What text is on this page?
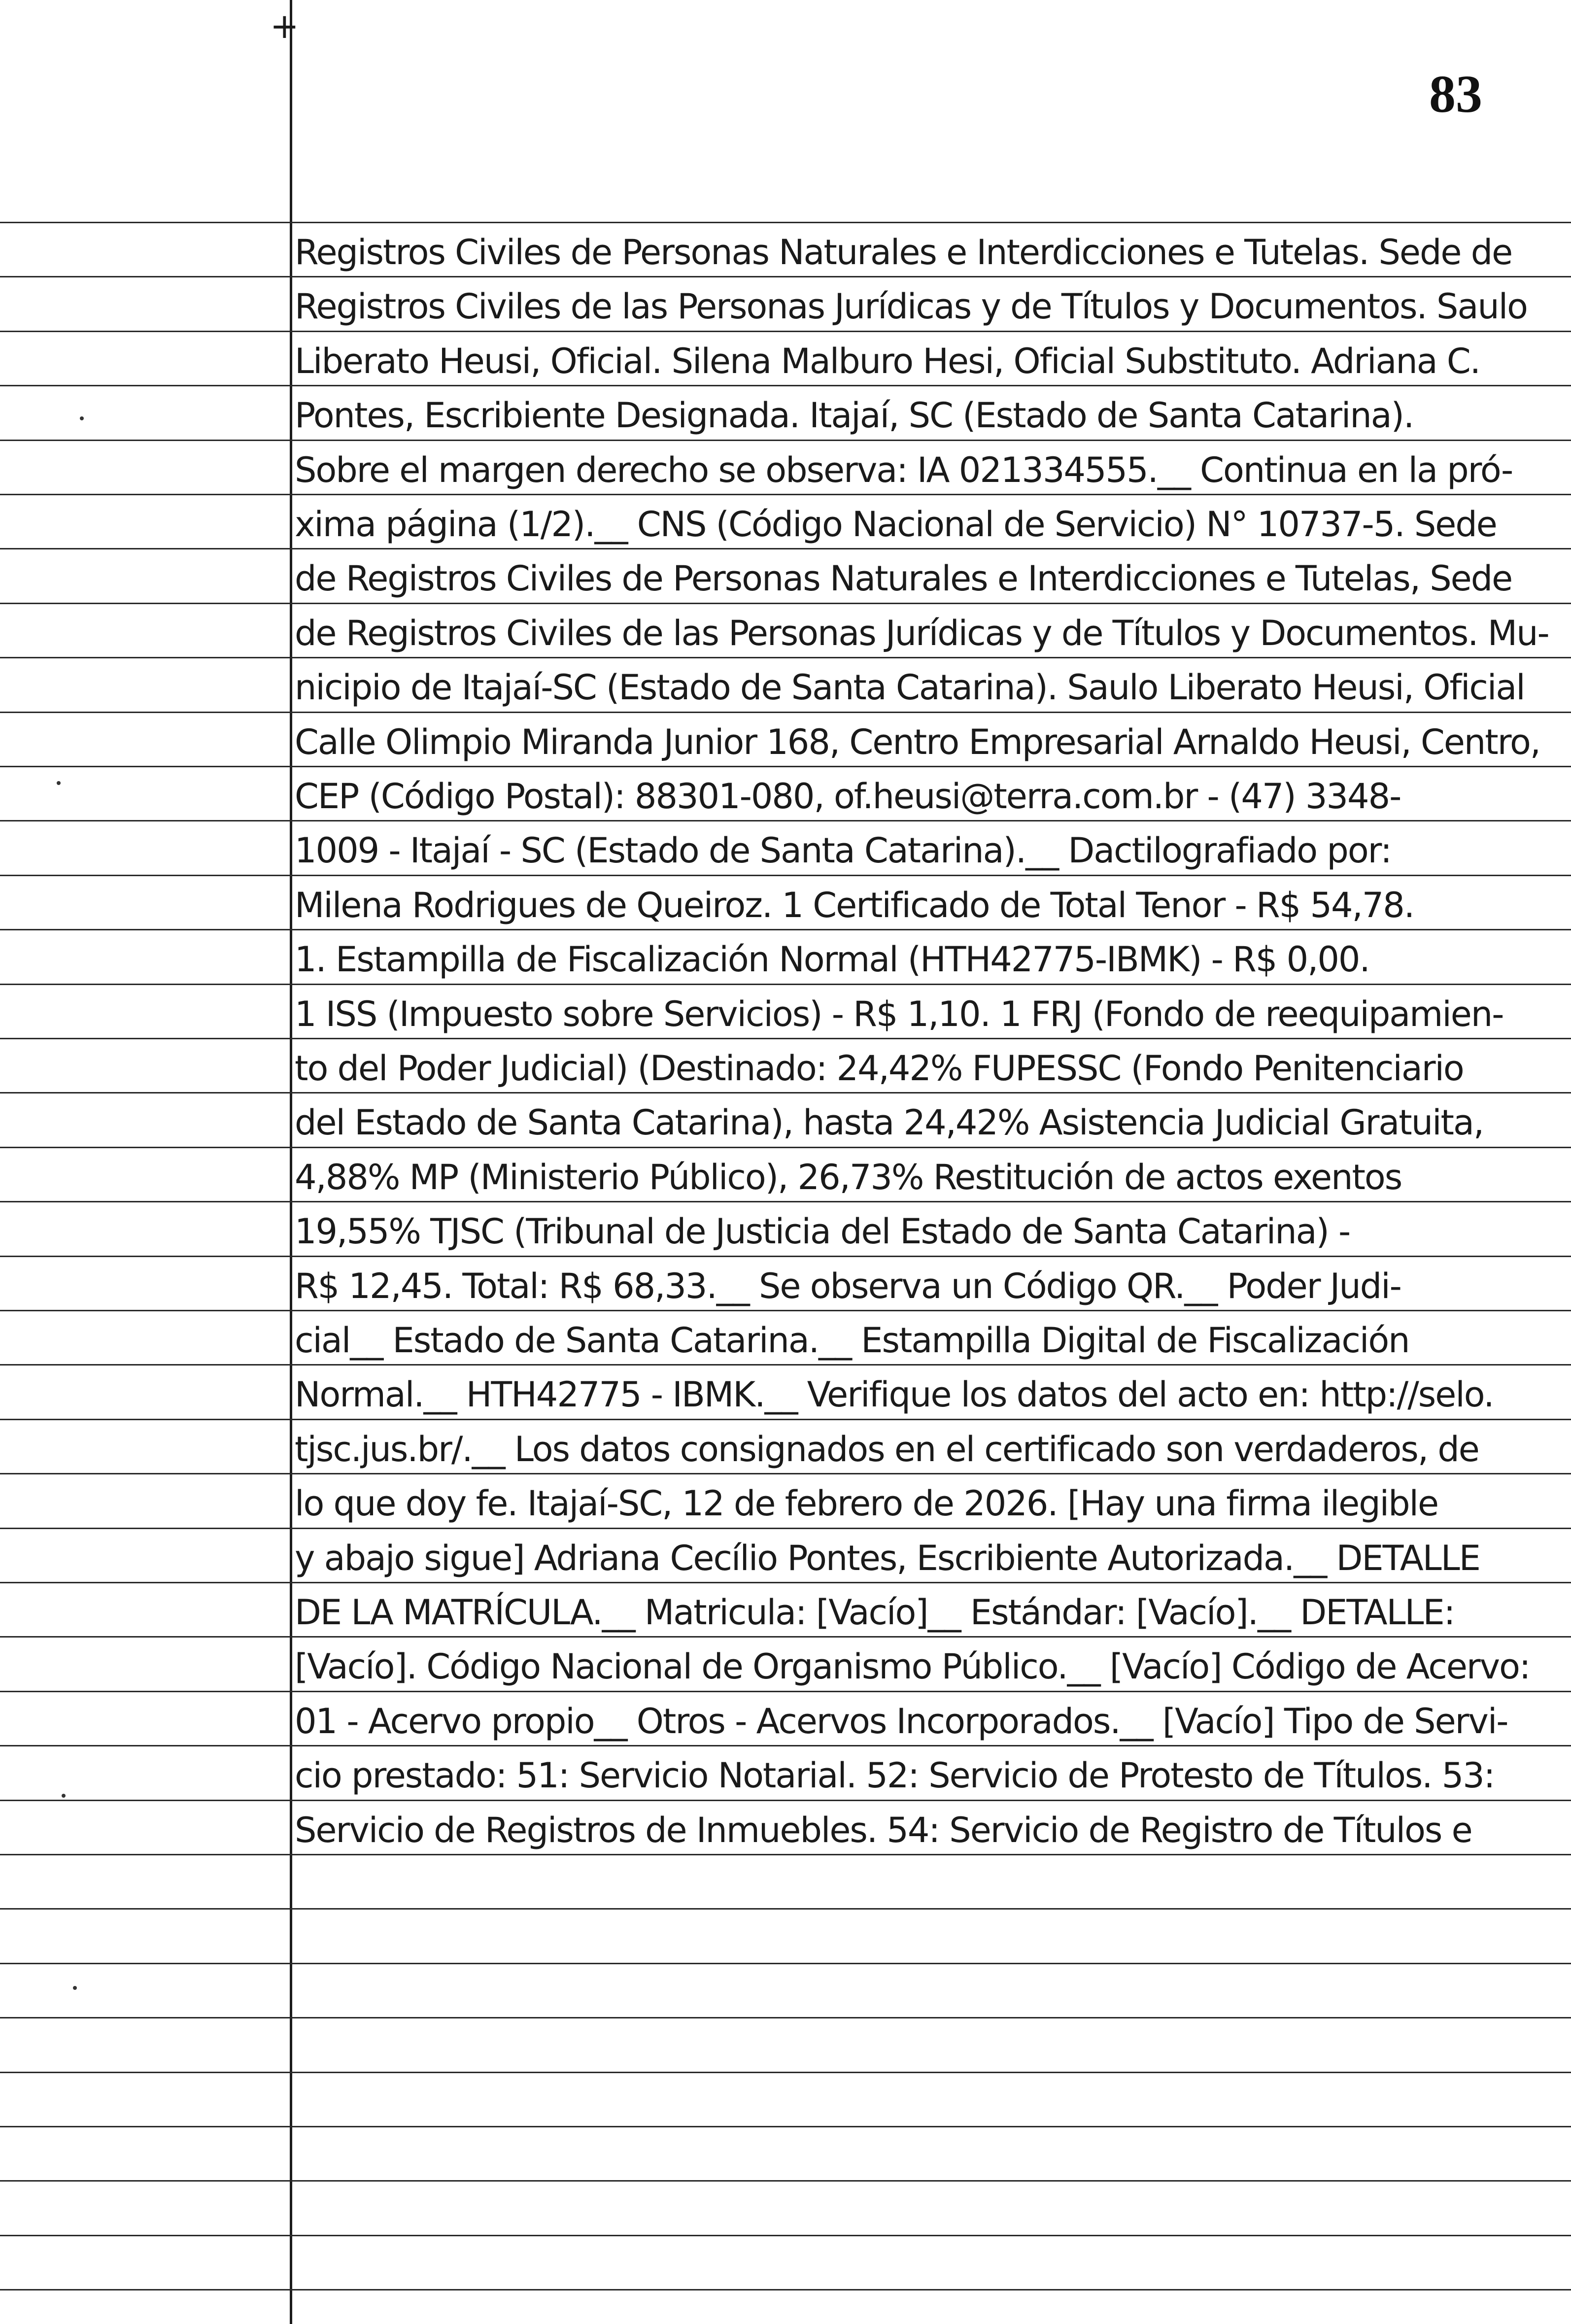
+
83
Registros Civiles de Personas Naturales e Interdicciones e Tutelas. Sede de
Registros Civiles de las Personas Jurídicas y de Títulos y Documentos. Saulo
Liberato Heusi, Oficial. Silena Malburo Hesi, Oficial Substituto. Adriana C.
Pontes, Escribiente Designada. Itajaí, SC (Estado de Santa Catarina).
Sobre el margen derecho se observa: IA 021334555.__ Continua en la pró-
xima página (1/2).__ CNS (Código Nacional de Servicio) N° 10737-5. Sede
de Registros Civiles de Personas Naturales e Interdicciones e Tutelas, Sede
de Registros Civiles de las Personas Jurídicas y de Títulos y Documentos. Mu-
nicipio de Itajaí-SC (Estado de Santa Catarina). Saulo Liberato Heusi, Oficial
Calle Olimpio Miranda Junior 168, Centro Empresarial Arnaldo Heusi, Centro,
CEP (Código Postal): 88301-080, of.heusi@terra.com.br - (47) 3348-
1009 - Itajaí - SC (Estado de Santa Catarina).__ Dactilografiado por:
Milena Rodrigues de Queiroz. 1 Certificado de Total Tenor - R$ 54,78.
1. Estampilla de Fiscalización Normal (HTH42775-IBMK) - R$ 0,00.
1 ISS (Impuesto sobre Servicios) - R$ 1,10. 1 FRJ (Fondo de reequipamien-
to del Poder Judicial) (Destinado: 24,42% FUPESSC (Fondo Penitenciario
del Estado de Santa Catarina), hasta 24,42% Asistencia Judicial Gratuita,
4,88% MP (Ministerio Público), 26,73% Restitución de actos exentos
19,55% TJSC (Tribunal de Justicia del Estado de Santa Catarina) -
R$ 12,45. Total: R$ 68,33.__ Se observa un Código QR.__ Poder Judi-
cial__ Estado de Santa Catarina.__ Estampilla Digital de Fiscalización
Normal.__ HTH42775 - IBMK.__ Verifique los datos del acto en: http://selo.
tjsc.jus.br/.__ Los datos consignados en el certificado son verdaderos, de
lo que doy fe. Itajaí-SC, 12 de febrero de 2026. [Hay una firma ilegible
y abajo sigue] Adriana Cecílio Pontes, Escribiente Autorizada.__ DETALLE
DE LA MATRÍCULA.__ Matricula: [Vacío]__ Estándar: [Vacío].__ DETALLE:
[Vacío]. Código Nacional de Organismo Público.__ [Vacío] Código de Acervo:
01 - Acervo propio__ Otros - Acervos Incorporados.__ [Vacío] Tipo de Servi-
cio prestado: 51: Servicio Notarial. 52: Servicio de Protesto de Títulos. 53:
Servicio de Registros de Inmuebles. 54: Servicio de Registro de Títulos e
